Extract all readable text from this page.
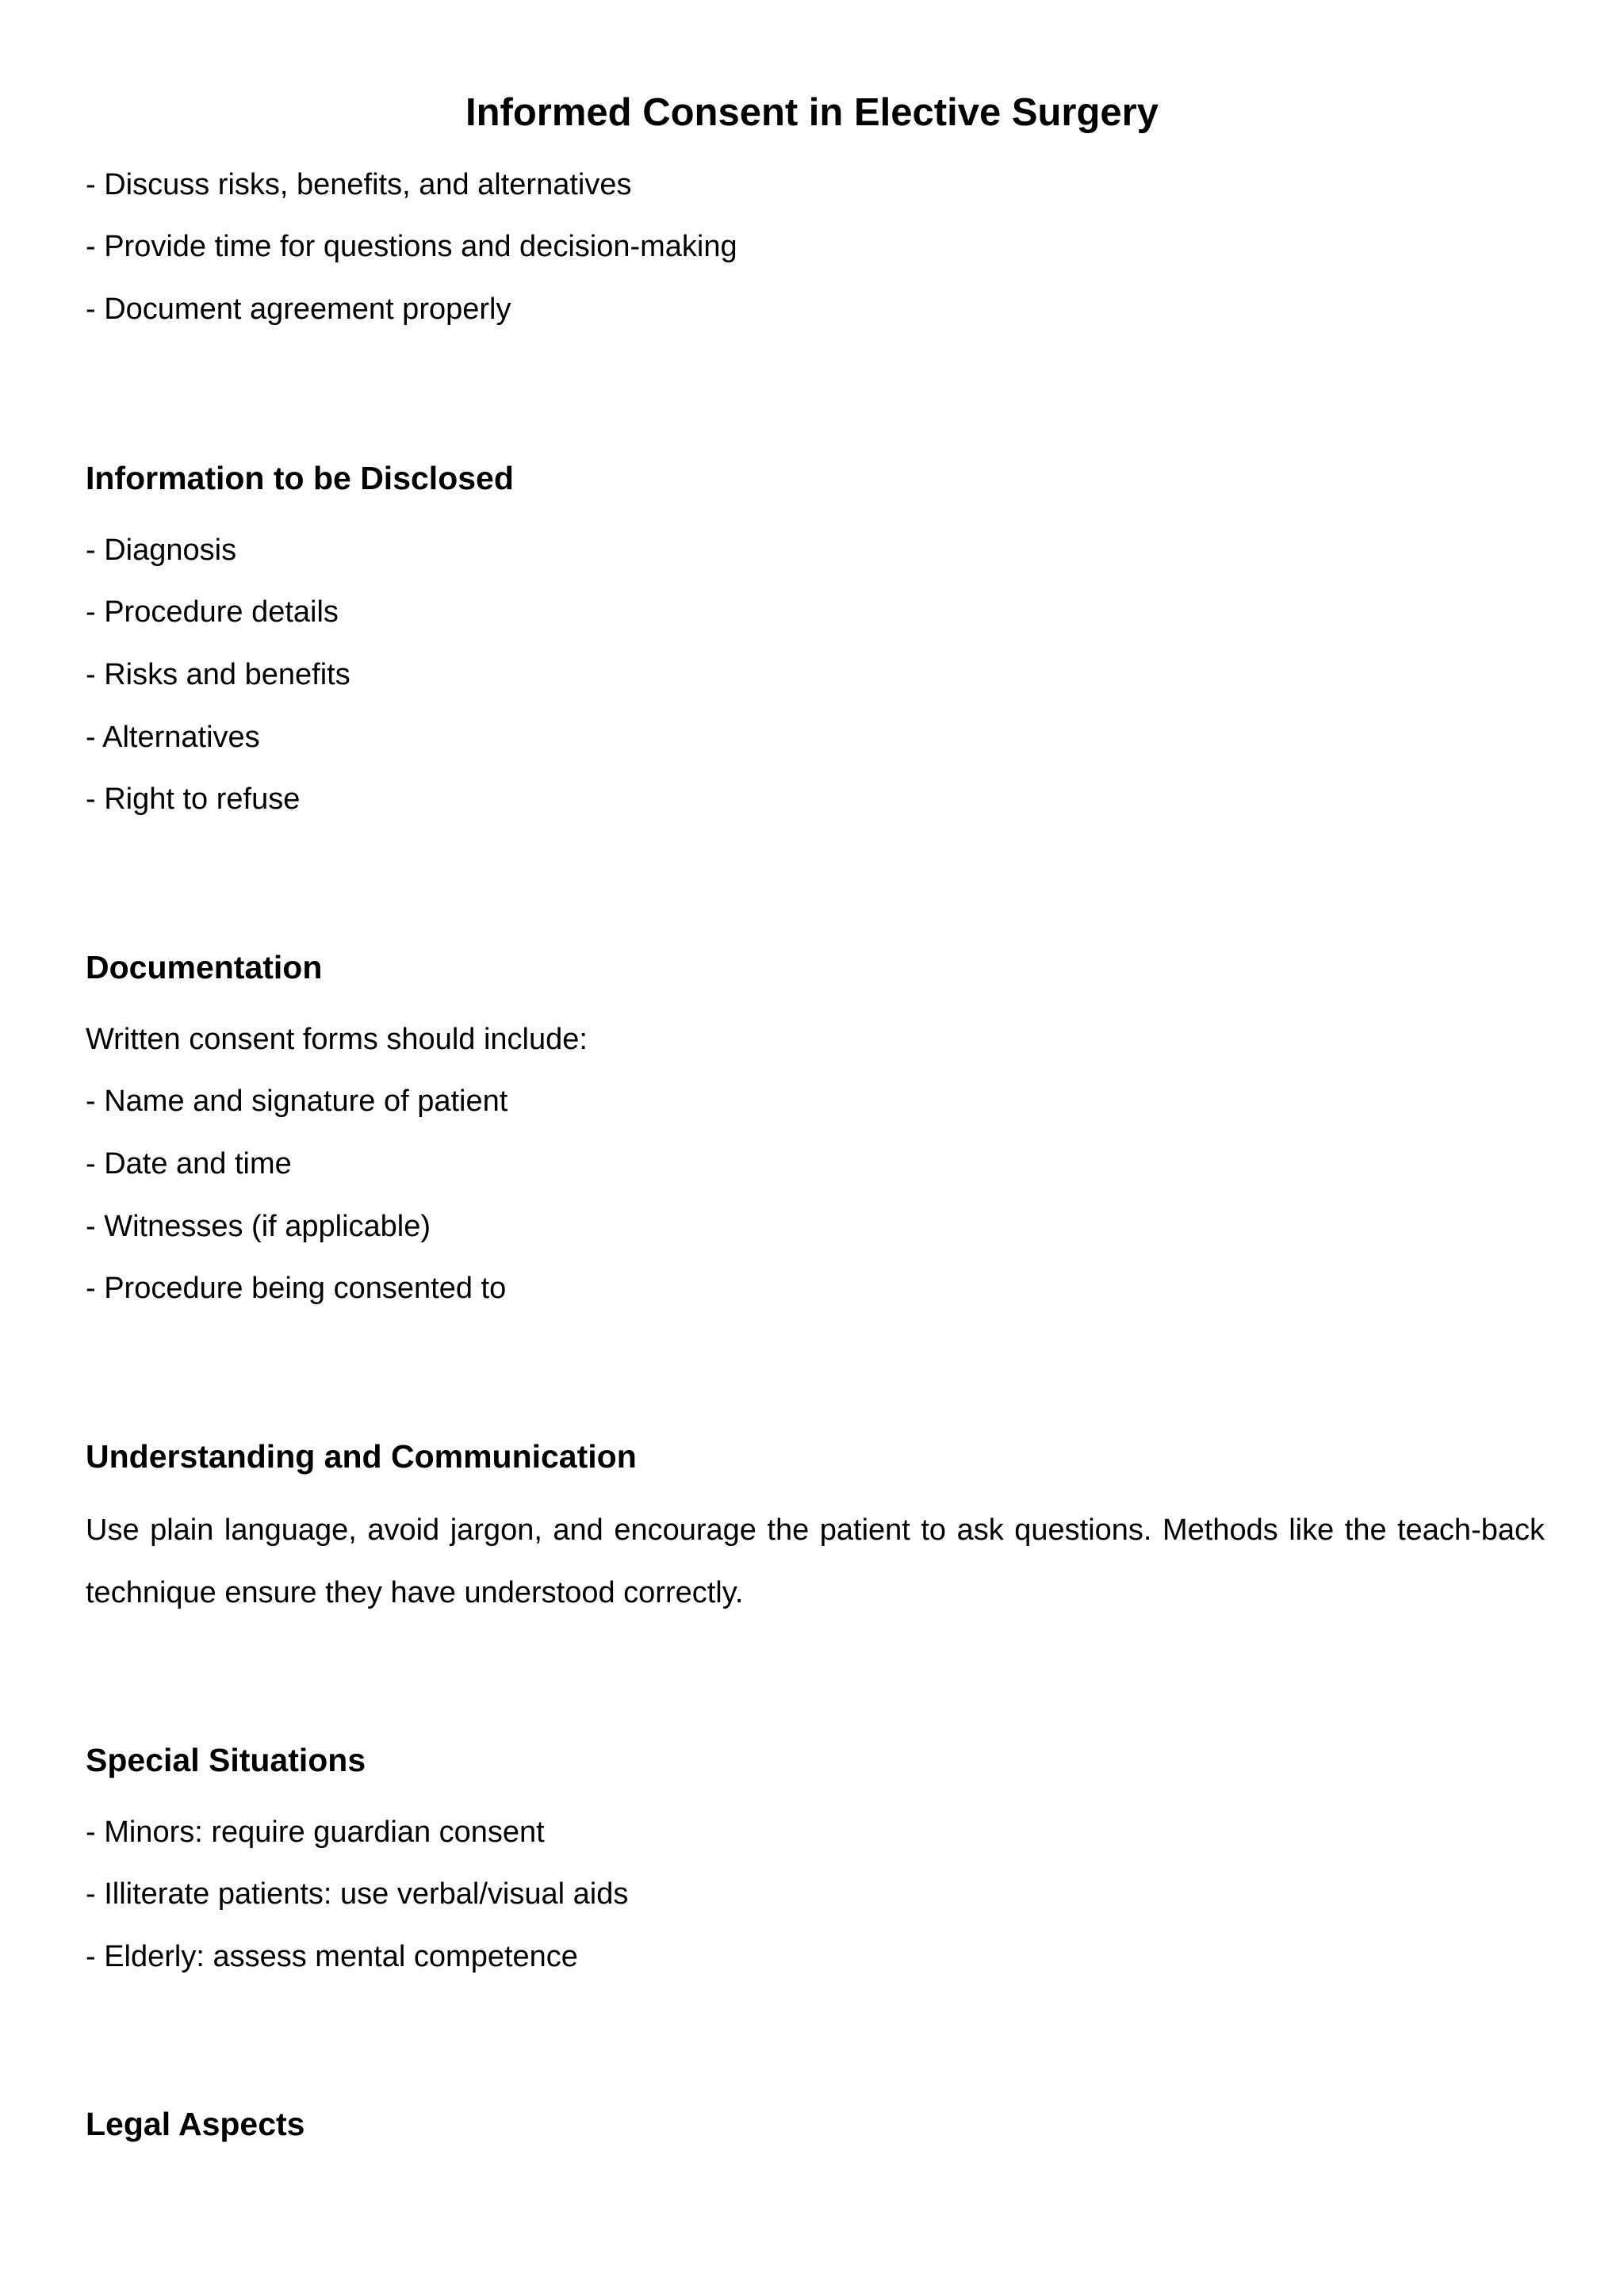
Informed Consent in Elective Surgery

- Discuss risks, benefits, and alternatives

- Provide time for questions and decision-making

- Document agreement properly

Information to be Disclosed

- Diagnosis

- Procedure details

- Risks and benefits

- Alternatives

- Right to refuse

Documentation

Written consent forms should include:

- Name and signature of patient

- Date and time

- Witnesses (if applicable)

- Procedure being consented to

Understanding and Communication

Use plain language, avoid jargon, and encourage the patient to ask questions. Methods like the teach-back technique ensure they have understood correctly.

Special Situations

- Minors: require guardian consent

- Illiterate patients: use verbal/visual aids

- Elderly: assess mental competence

Legal Aspects
